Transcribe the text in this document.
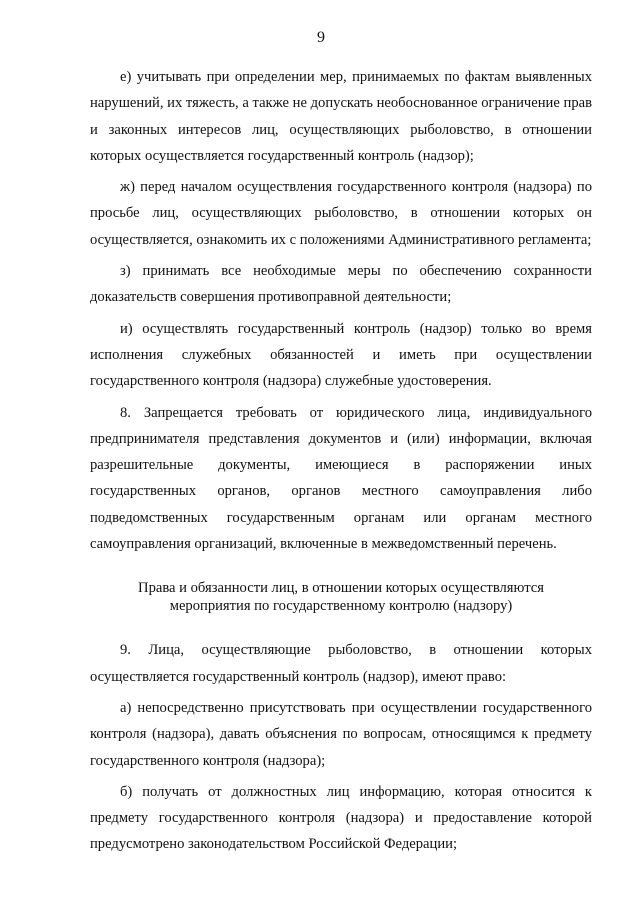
9

е) учитывать при определении мер, принимаемых по фактам выявленных нарушений, их тяжесть, а также не допускать необоснованное ограничение прав и законных интересов лиц, осуществляющих рыболовство, в отношении которых осуществляется государственный контроль (надзор);

ж) перед началом осуществления государственного контроля (надзора) по просьбе лиц, осуществляющих рыболовство, в отношении которых он осуществляется, ознакомить их с положениями Административного регламента;

з) принимать все необходимые меры по обеспечению сохранности доказательств совершения противоправной деятельности;

и) осуществлять государственный контроль (надзор) только во время исполнения служебных обязанностей и иметь при осуществлении государственного контроля (надзора) служебные удостоверения.

8. Запрещается требовать от юридического лица, индивидуального предпринимателя представления документов и (или) информации, включая разрешительные документы, имеющиеся в распоряжении иных государственных органов, органов местного самоуправления либо подведомственных государственным органам или органам местного самоуправления организаций, включенные в межведомственный перечень.

Права и обязанности лиц, в отношении которых осуществляются
мероприятия по государственному контролю (надзору)

9. Лица, осуществляющие рыболовство, в отношении которых осуществляется государственный контроль (надзор), имеют право:

а) непосредственно присутствовать при осуществлении государственного контроля (надзора), давать объяснения по вопросам, относящимся к предмету государственного контроля (надзора);

б) получать от должностных лиц информацию, которая относится к предмету государственного контроля (надзора) и предоставление которой предусмотрено законодательством Российской Федерации;
